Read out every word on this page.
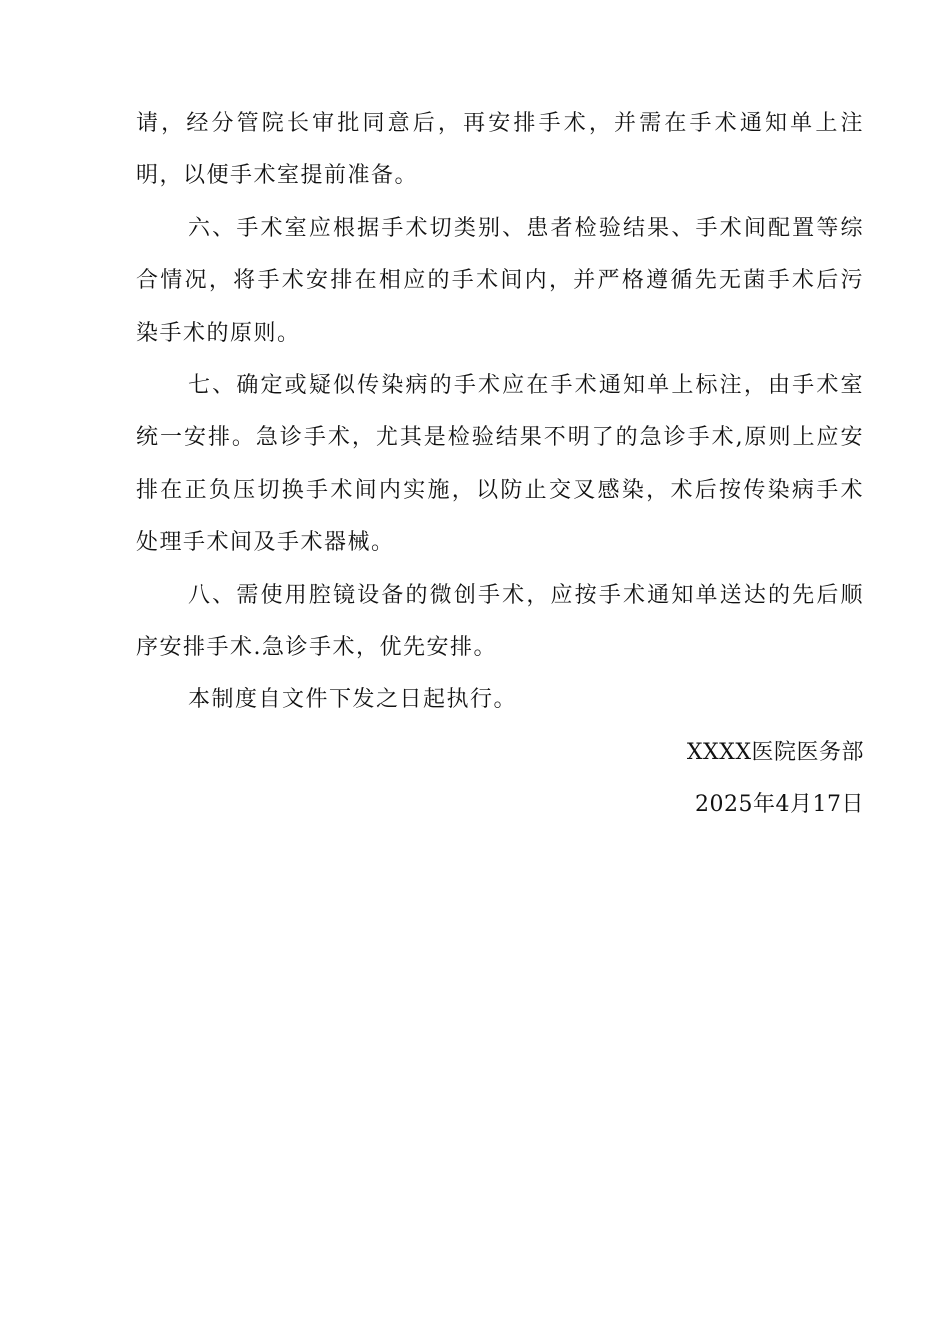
请，经分管院长审批同意后，再安排手术，并需在手术通知单上注明，以便手术室提前准备。

六、手术室应根据手术切类别、患者检验结果、手术间配置等综合情况，将手术安排在相应的手术间内，并严格遵循先无菌手术后污染手术的原则。

七、确定或疑似传染病的手术应在手术通知单上标注，由手术室统一安排。急诊手术，尤其是检验结果不明了的急诊手术,原则上应安排在正负压切换手术间内实施，以防止交叉感染，术后按传染病手术处理手术间及手术器械。

八、需使用腔镜设备的微创手术，应按手术通知单送达的先后顺序安排手术.急诊手术，优先安排。

本制度自文件下发之日起执行。

XXXX医院医务部

2025年4月17日
